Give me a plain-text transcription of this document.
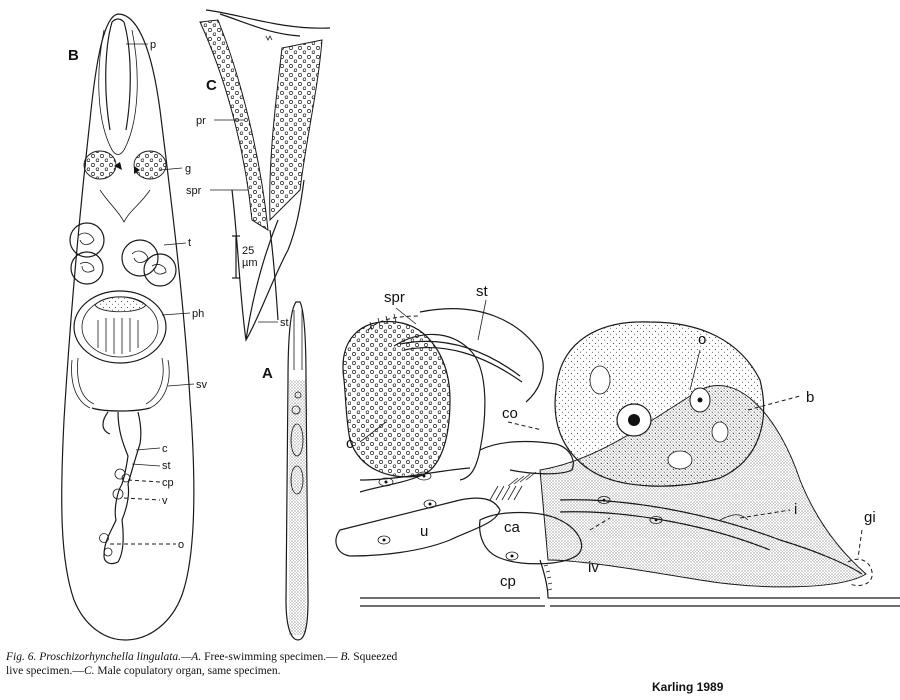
B
C
A
p
g
t
ph
sv
c
st
cp
v
o
pr
spr
st
25
µm
spr	st
o
b
co
c
i
u	ca
iv
gi
cp
Fig. 6. Proschizorhynchella lingulata.—A. Free-swimming specimen.— B. Squeezed live specimen.—C. Male copulatory organ, same specimen.
Karling 1989
